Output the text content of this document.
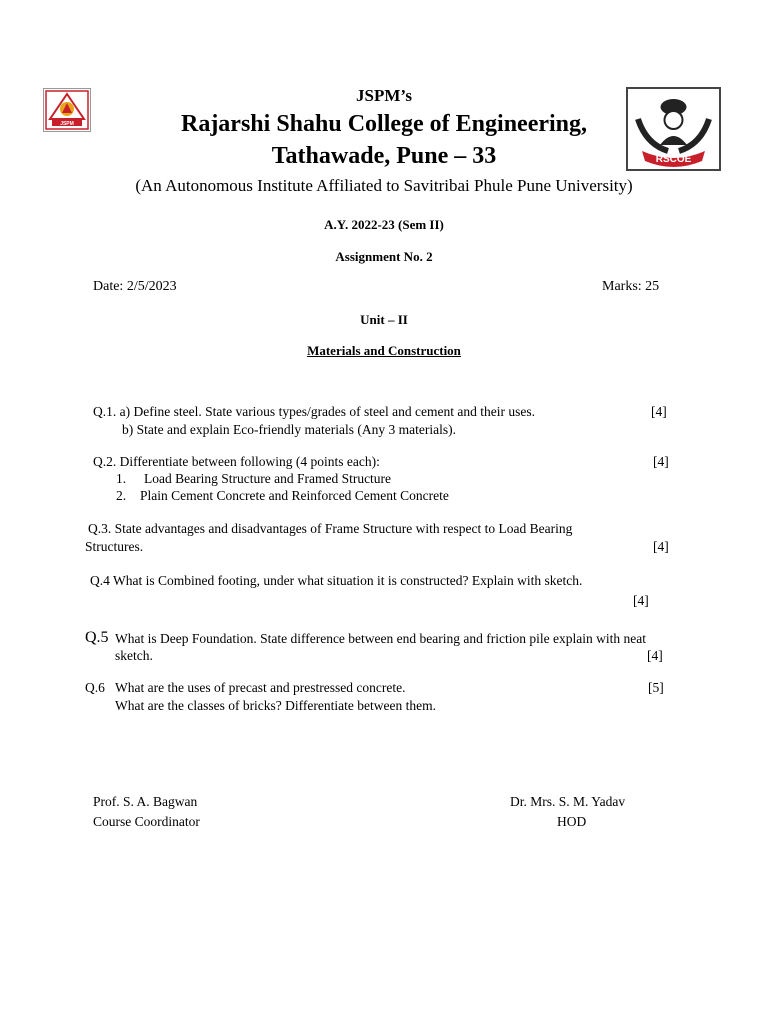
JSPM
RSCOE
JSPM’s
Rajarshi Shahu College of Engineering,
Tathawade, Pune – 33
(An Autonomous Institute Affiliated to Savitribai Phule Pune University)
A.Y. 2022-23 (Sem II)
Assignment No. 2
Date: 2/5/2023	Marks: 25
Unit – II
Materials and Construction
Q.1. a) Define steel. State various types/grades of steel and cement and their uses.	[4]
b) State and explain Eco-friendly materials (Any 3 materials).
Q.2. Differentiate between following (4 points each):	[4]
1. Load Bearing Structure and Framed Structure
2. Plain Cement Concrete and Reinforced Cement Concrete
Q.3. State advantages and disadvantages of Frame Structure with respect to Load Bearing
Structures.	[4]
Q.4 What is Combined footing, under what situation it is constructed? Explain with sketch.
[4]
Q.5 What is Deep Foundation. State difference between end bearing and friction pile explain with neat
sketch.	[4]
Q.6 What are the uses of precast and prestressed concrete.	[5]
What are the classes of bricks? Differentiate between them.
Prof. S. A. Bagwan
Course Coordinator
Dr. Mrs. S. M. Yadav
HOD
